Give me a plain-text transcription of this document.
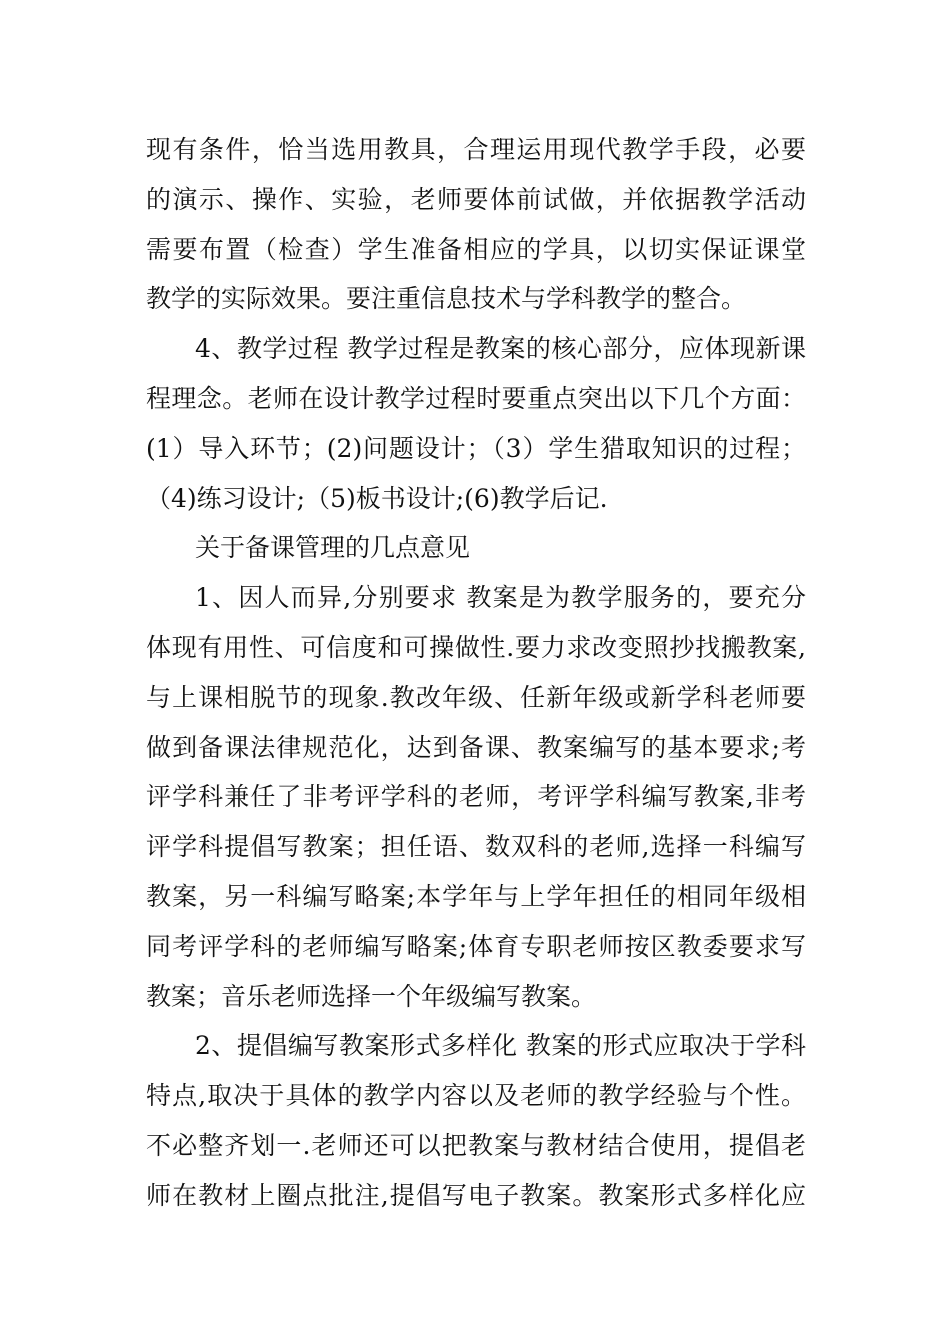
现有条件，恰当选用教具，合理运用现代教学手段，必要
的演示、操作、实验，老师要体前试做，并依据教学活动
需要布置（检查）学生准备相应的学具，以切实保证课堂
教学的实际效果。要注重信息技术与学科教学的整合。
4、教学过程 教学过程是教案的核心部分，应体现新课
程理念。老师在设计教学过程时要重点突出以下几个方面：
(1）导入环节；(2)问题设计；（3）学生猎取知识的过程；
（4)练习设计;（5)板书设计;(6)教学后记.
关于备课管理的几点意见
1、因人而异,分别要求 教案是为教学服务的，要充分
体现有用性、可信度和可操做性.要力求改变照抄找搬教案,
与上课相脱节的现象.教改年级、任新年级或新学科老师要
做到备课法律规范化，达到备课、教案编写的基本要求;考
评学科兼任了非考评学科的老师，考评学科编写教案,非考
评学科提倡写教案；担任语、数双科的老师,选择一科编写
教案，另一科编写略案;本学年与上学年担任的相同年级相
同考评学科的老师编写略案;体育专职老师按区教委要求写
教案；音乐老师选择一个年级编写教案。
2、提倡编写教案形式多样化 教案的形式应取决于学科
特点,取决于具体的教学内容以及老师的教学经验与个性。
不必整齐划一.老师还可以把教案与教材结合使用，提倡老
师在教材上圈点批注,提倡写电子教案。教案形式多样化应
